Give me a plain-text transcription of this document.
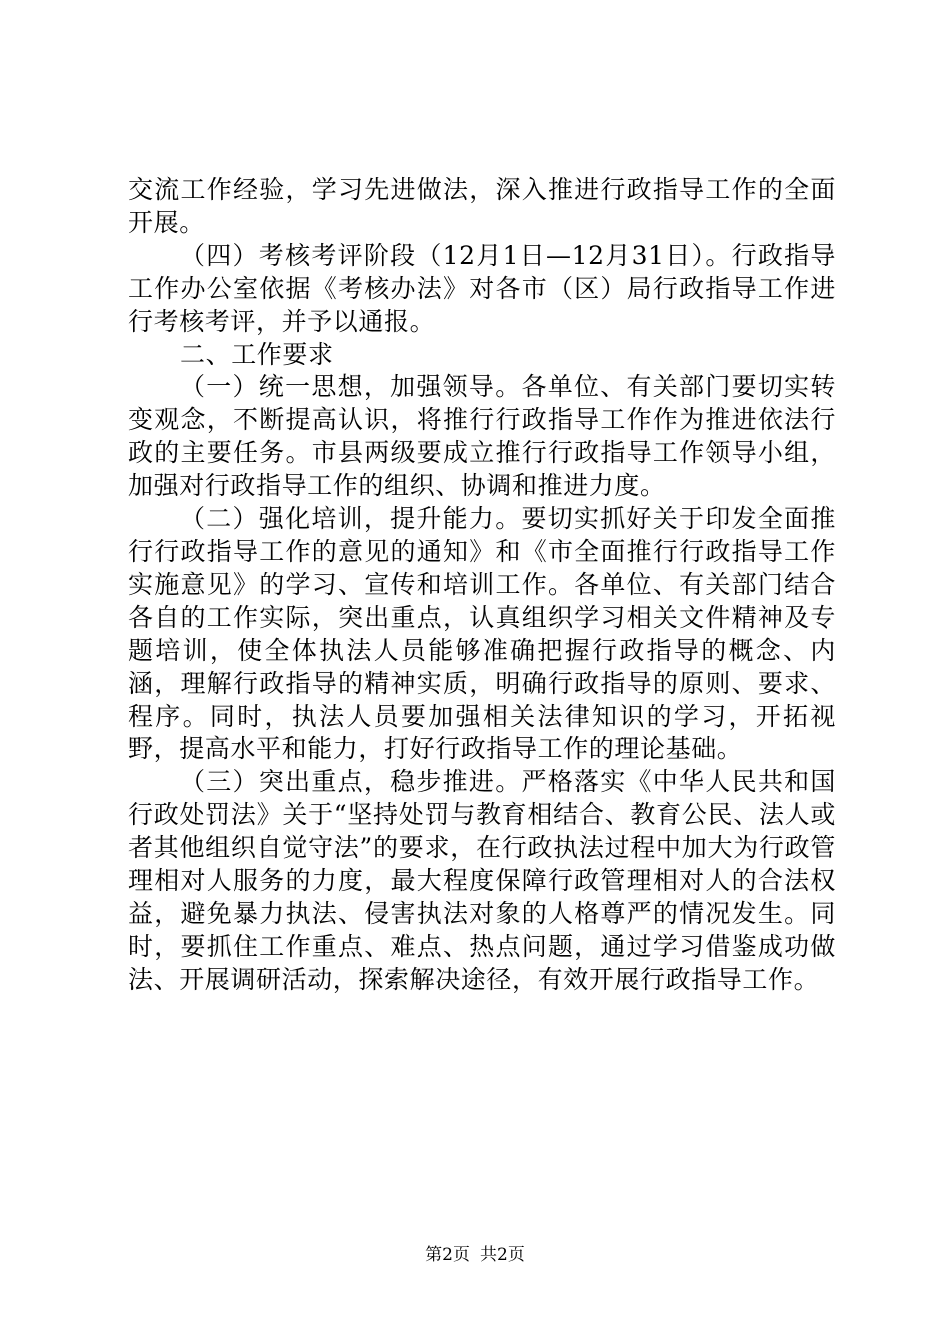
交流工作经验，学习先进做法，深入推进行政指导工作的全面开展。

（四）考核考评阶段（12月1日—12月31日）。行政指导工作办公室依据《考核办法》对各市（区）局行政指导工作进行考核考评，并予以通报。

二、工作要求

（一）统一思想，加强领导。各单位、有关部门要切实转变观念，不断提高认识，将推行行政指导工作作为推进依法行政的主要任务。市县两级要成立推行行政指导工作领导小组，加强对行政指导工作的组织、协调和推进力度。

（二）强化培训，提升能力。要切实抓好关于印发全面推行行政指导工作的意见的通知》和《市全面推行行政指导工作实施意见》的学习、宣传和培训工作。各单位、有关部门结合各自的工作实际，突出重点，认真组织学习相关文件精神及专题培训，使全体执法人员能够准确把握行政指导的概念、内涵，理解行政指导的精神实质，明确行政指导的原则、要求、程序。同时，执法人员要加强相关法律知识的学习，开拓视野，提高水平和能力，打好行政指导工作的理论基础。

（三）突出重点，稳步推进。严格落实《中华人民共和国行政处罚法》关于“坚持处罚与教育相结合、教育公民、法人或者其他组织自觉守法”的要求，在行政执法过程中加大为行政管理相对人服务的力度，最大程度保障行政管理相对人的合法权益，避免暴力执法、侵害执法对象的人格尊严的情况发生。同时，要抓住工作重点、难点、热点问题，通过学习借鉴成功做法、开展调研活动，探索解决途径，有效开展行政指导工作。

第2页 共2页
